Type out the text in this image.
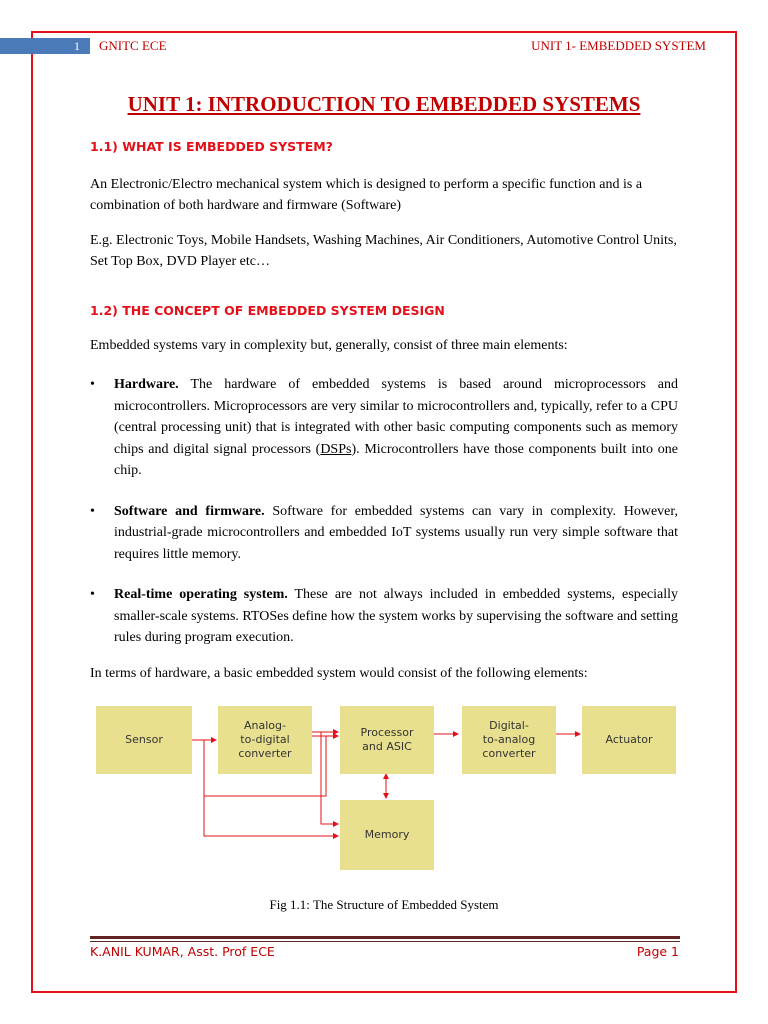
1	GNITC ECE	UNIT 1- EMBEDDED SYSTEM
UNIT 1: INTRODUCTION TO EMBEDDED SYSTEMS
1.1) WHAT IS EMBEDDED SYSTEM?
An Electronic/Electro mechanical system which is designed to perform a specific function and is a combination of both hardware and firmware (Software)
E.g. Electronic Toys, Mobile Handsets, Washing Machines, Air Conditioners, Automotive Control Units, Set Top Box, DVD Player etc…
1.2) THE CONCEPT OF EMBEDDED SYSTEM DESIGN
Embedded systems vary in complexity but, generally, consist of three main elements:
• Hardware. The hardware of embedded systems is based around microprocessors and microcontrollers. Microprocessors are very similar to microcontrollers and, typically, refer to a CPU (central processing unit) that is integrated with other basic computing components such as memory chips and digital signal processors (DSPs). Microcontrollers have those components built into one chip.
• Software and firmware. Software for embedded systems can vary in complexity. However, industrial-grade microcontrollers and embedded IoT systems usually run very simple software that requires little memory.
• Real-time operating system. These are not always included in embedded systems, especially smaller-scale systems. RTOSes define how the system works by supervising the software and setting rules during program execution.
In terms of hardware, a basic embedded system would consist of the following elements:
Sensor
Analog-
to-digital
converter
Processor
and ASIC
Digital-
to-analog
converter
Actuator
Memory
Fig 1.1: The Structure of Embedded System
K.ANIL KUMAR, Asst. Prof ECE	Page 1
